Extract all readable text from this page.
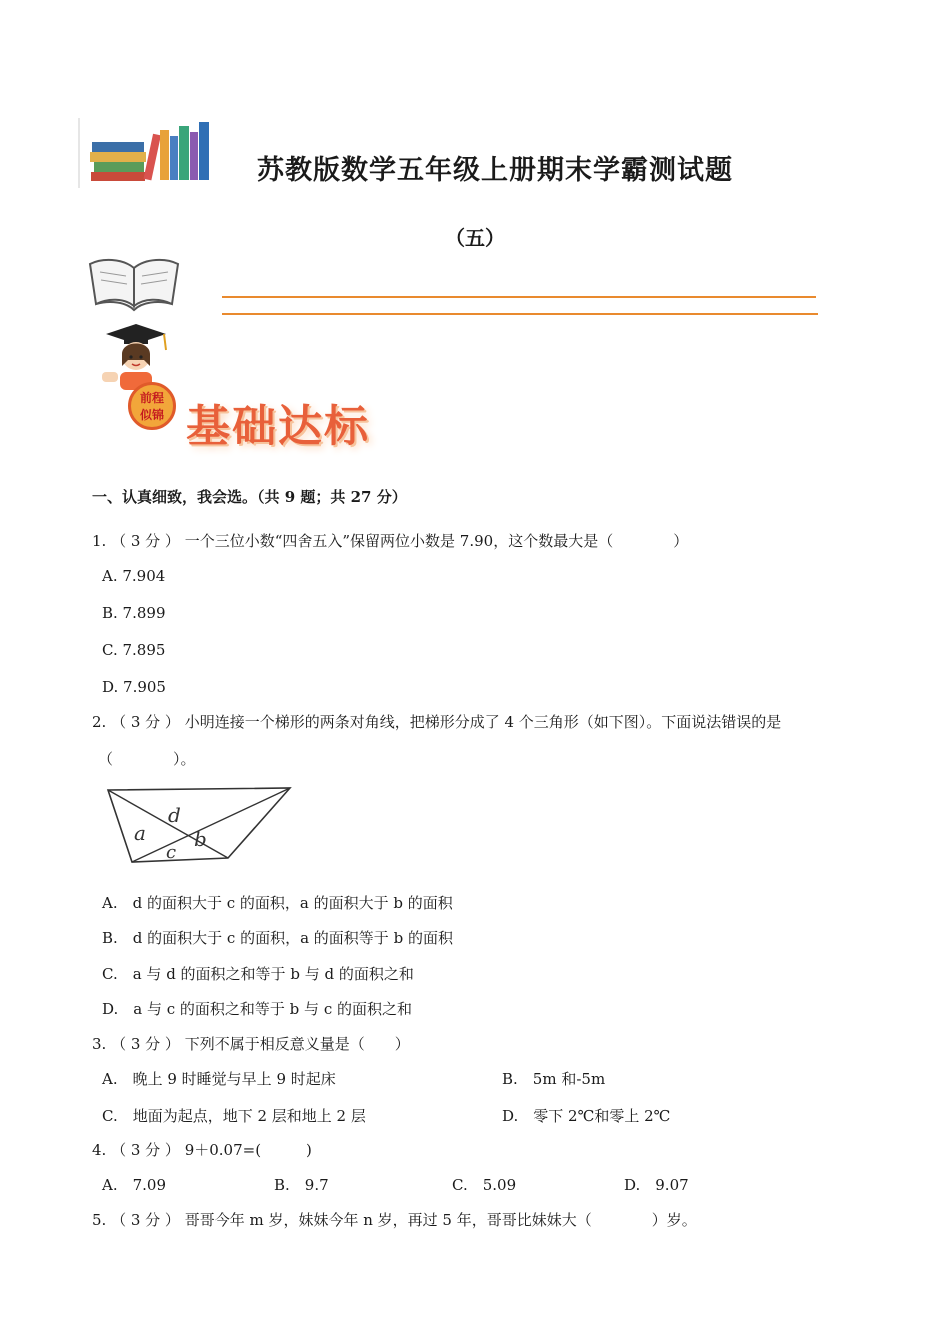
苏教版数学五年级上册期末学霸测试题
（五）
前程
似锦 基础达标
一、认真细致，我会选。（共 9 题；共 27 分）
1. （ 3 分 ） 一个三位小数“四舍五入”保留两位小数是 7.90，这个数最大是（　　　　）
A. 7.904
B. 7.899
C. 7.895
D. 7.905
2. （ 3 分 ） 小明连接一个梯形的两条对角线，把梯形分成了 4 个三角形（如下图）。下面说法错误的是
（　　　　）。
d
a b
c
A.　d 的面积大于 c 的面积，a 的面积大于 b 的面积
B.　d 的面积大于 c 的面积，a 的面积等于 b 的面积
C.　a 与 d 的面积之和等于 b 与 d 的面积之和
D.　a 与 c 的面积之和等于 b 与 c 的面积之和
3. （ 3 分 ） 下列不属于相反意义量是（　　）
A.　晚上 9 时睡觉与早上 9 时起床	B.　5m 和-5m
C.　地面为起点，地下 2 层和地上 2 层	D.　零下 2℃和零上 2℃
4. （ 3 分 ） 9＋0.07=(　　　)
A.　7.09	B.　9.7	C.　5.09	D.　9.07
5. （ 3 分 ） 哥哥今年 m 岁，妹妹今年 n 岁，再过 5 年，哥哥比妹妹大（　　　　）岁。
